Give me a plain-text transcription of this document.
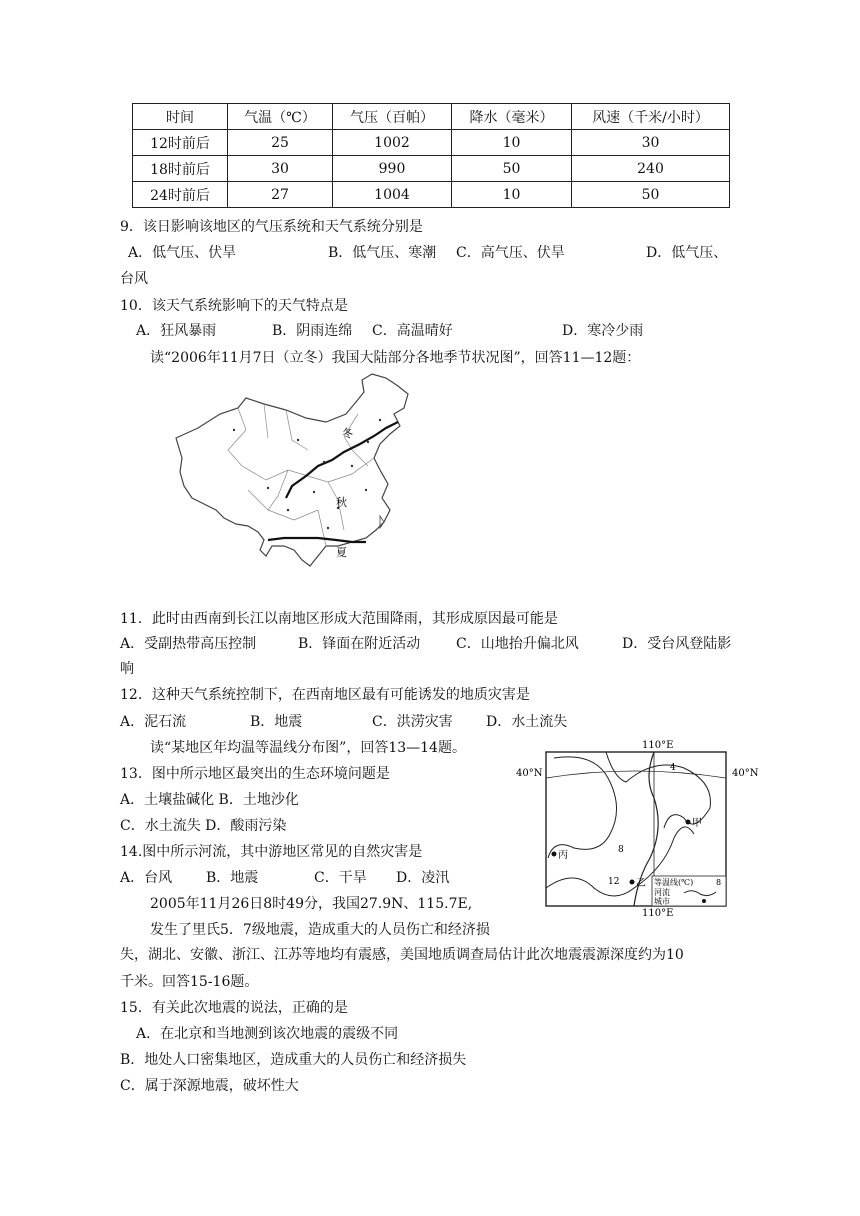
时间	气温（℃）	气压（百帕）	降水（毫米）	风速（千米/小时）
12时前后	25	1002	10	30
18时前后	30	990	50	240
24时前后	27	1004	10	50
9．该日影响该地区的气压系统和天气系统分别是
A．低气压、伏旱	B．低气压、寒潮 C．高气压、伏旱	D．低气压、
台风
10．该天气系统影响下的天气特点是
A．狂风暴雨	B．阴雨连绵 C．高温晴好	D．寒冷少雨
读“2006年11月7日（立冬）我国大陆部分各地季节状况图”，回答11—12题：
冬
秋
夏
11．此时由西南到长江以南地区形成大范围降雨，其形成原因最可能是
A．受副热带高压控制	B．锋面在附近活动	C．山地抬升偏北风	D．受台风登陆影
响
12．这种天气系统控制下，在西南地区最有可能诱发的地质灾害是
A．泥石流	B．地震	C．洪涝灾害 D．水土流失
读“某地区年均温等温线分布图”，回答13—14题。
13．图中所示地区最突出的生态环境问题是
A．土壤盐碱化 B．土地沙化
C．水土流失 D．酸雨污染
14.图中所示河流，其中游地区常见的自然灾害是
A．台风 B．地震	C．干旱 D．凌汛
110°E
40°N	40°N
110°E
4
8
12
甲
丙
乙 等温线(℃)	8
河流
城市
2005年11月26日8时49分，我国27.9N、115.7E,
发生了里氏5．7级地震，造成重大的人员伤亡和经济损
失，湖北、安徽、浙江、江苏等地均有震感，美国地质调查局估计此次地震震源深度约为10
千米。回答15-16题。
15．有关此次地震的说法，正确的是
A．在北京和当地测到该次地震的震级不同
B．地处人口密集地区，造成重大的人员伤亡和经济损失
C．属于深源地震，破坏性大
